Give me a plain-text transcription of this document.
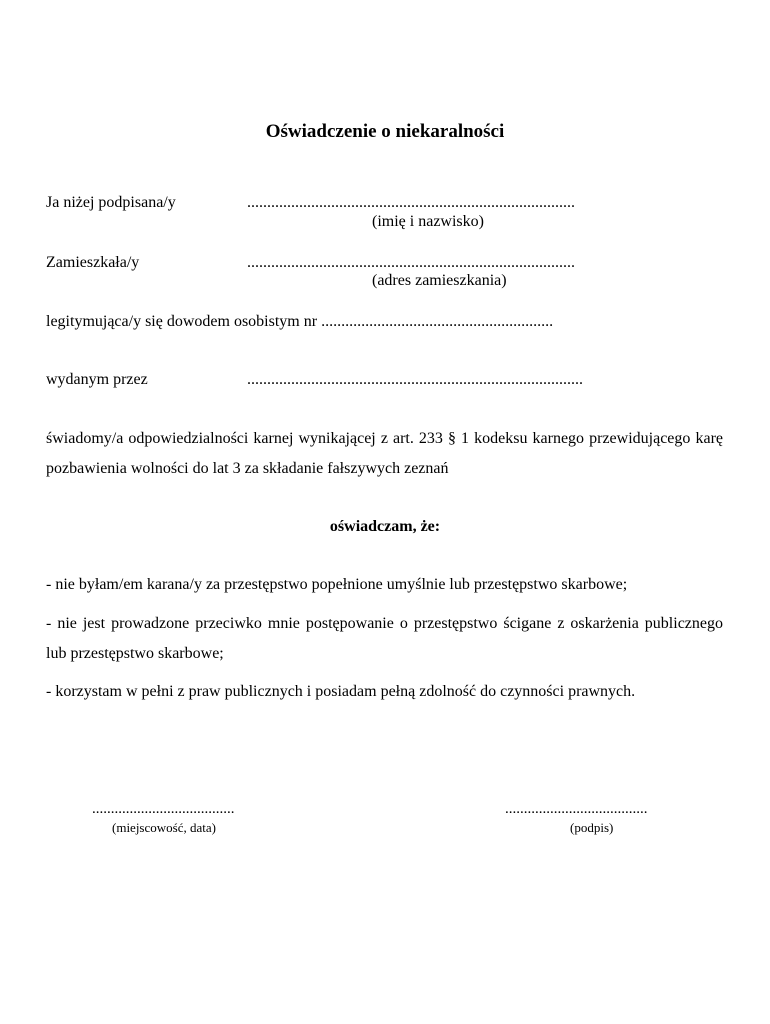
Oświadczenie o niekaralności
Ja niżej podpisana/y	..................................................................................
(imię i nazwisko)
Zamieszkała/y	..................................................................................
(adres zamieszkania)
legitymująca/y się dowodem osobistym nr ..........................................................
wydanym przez	....................................................................................
świadomy/a odpowiedzialności karnej wynikającej z art. 233 § 1 kodeksu karnego przewidującego karę pozbawienia wolności do lat 3 za składanie fałszywych zeznań
oświadczam, że:
- nie byłam/em karana/y za przestępstwo popełnione umyślnie lub przestępstwo skarbowe;
- nie jest prowadzone przeciwko mnie postępowanie o przestępstwo ścigane z oskarżenia publicznego lub przestępstwo skarbowe;
- korzystam w pełni z praw publicznych i posiadam pełną zdolność do czynności prawnych.
......................................
(miejscowość, data)
......................................
(podpis)
